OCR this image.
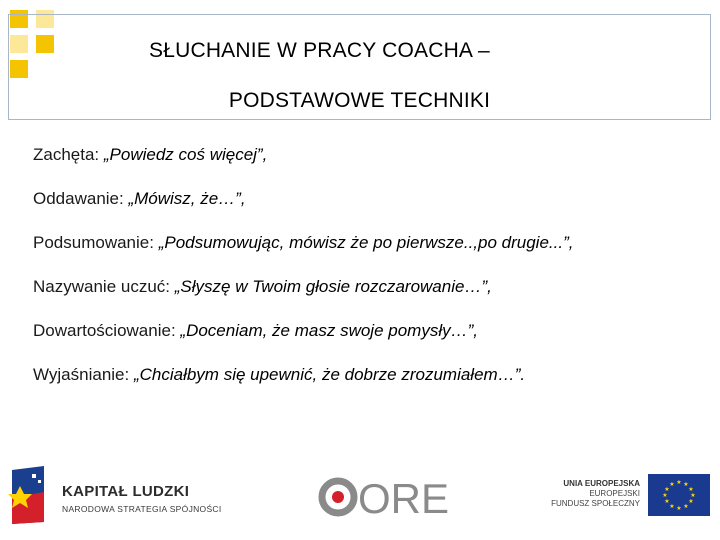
SŁUCHANIE W PRACY COACHA –
PODSTAWOWE TECHNIKI
Zachęta: „Powiedz coś więcej”,
Oddawanie: „Mówisz, że…”,
Podsumowanie: „Podsumowując, mówisz że po pierwsze..,po drugie...”,
Nazywanie uczuć: „Słyszę w Twoim głosie rozczarowanie…”,
Dowartościowanie: „Doceniam, że masz swoje pomysły…”,
Wyjaśnianie: „Chciałbym się upewnić, że dobrze zrozumiałem…”.
KAPITAŁ LUDZKI
NARODOWA STRATEGIA SPÓJNOŚCI	ORE	UNIA EUROPEJSKA
EUROPEJSKI
FUNDUSZ SPOŁECZNY
★ ★
★
★
★
★
★
★
★
★
★
★
